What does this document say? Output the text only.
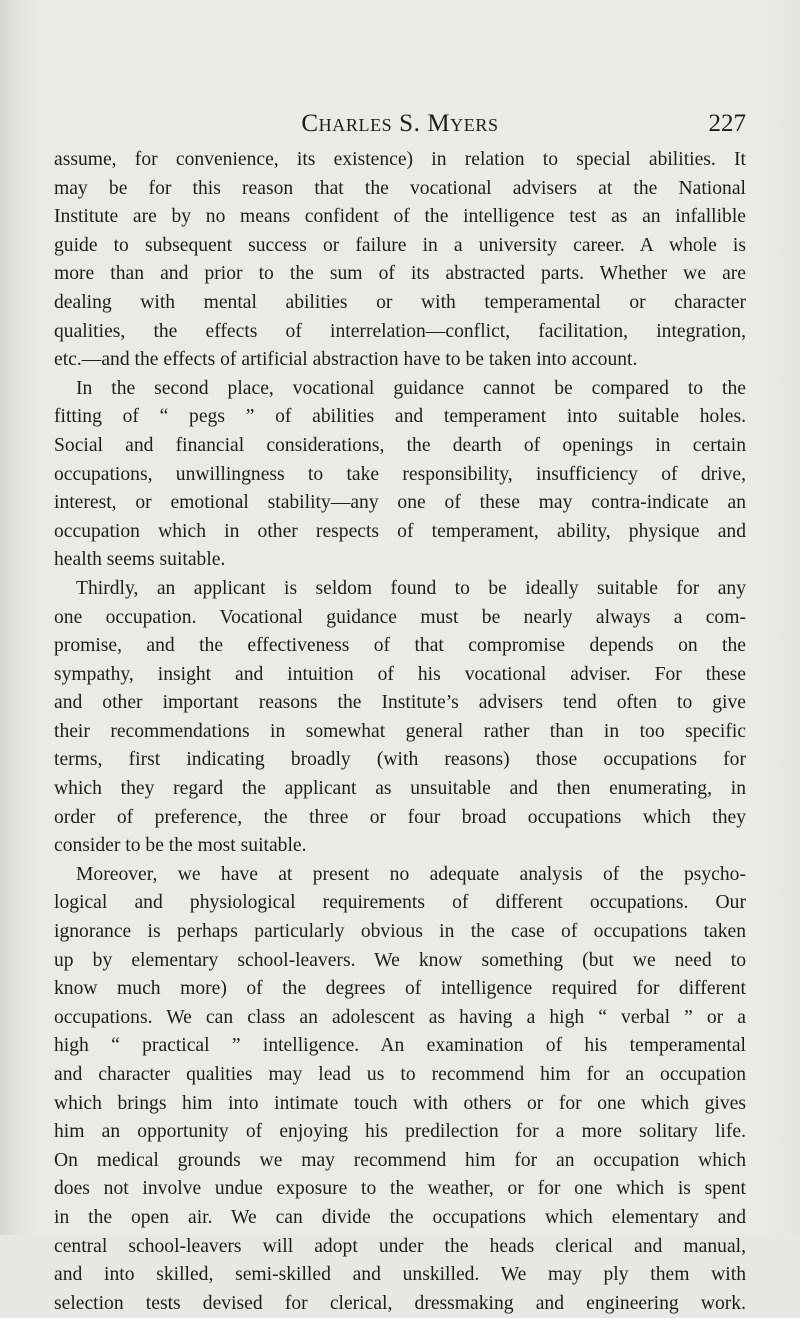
Charles S. Myers	227
assume, for convenience, its existence) in relation to special abilities. It
may be for this reason that the vocational advisers at the National
Institute are by no means confident of the intelligence test as an infallible
guide to subsequent success or failure in a university career. A whole is
more than and prior to the sum of its abstracted parts. Whether we are
dealing with mental abilities or with temperamental or character
qualities, the effects of interrelation—conflict, facilitation, integration,
etc.—and the effects of artificial abstraction have to be taken into account.
In the second place, vocational guidance cannot be compared to the
fitting of “ pegs ” of abilities and temperament into suitable holes.
Social and financial considerations, the dearth of openings in certain
occupations, unwillingness to take responsibility, insufficiency of drive,
interest, or emotional stability—any one of these may contra-indicate an
occupation which in other respects of temperament, ability, physique and
health seems suitable.
Thirdly, an applicant is seldom found to be ideally suitable for any
one occupation. Vocational guidance must be nearly always a com-
promise, and the effectiveness of that compromise depends on the
sympathy, insight and intuition of his vocational adviser. For these
and other important reasons the Institute’s advisers tend often to give
their recommendations in somewhat general rather than in too specific
terms, first indicating broadly (with reasons) those occupations for
which they regard the applicant as unsuitable and then enumerating, in
order of preference, the three or four broad occupations which they
consider to be the most suitable.
Moreover, we have at present no adequate analysis of the psycho-
logical and physiological requirements of different occupations. Our
ignorance is perhaps particularly obvious in the case of occupations taken
up by elementary school-leavers. We know something (but we need to
know much more) of the degrees of intelligence required for different
occupations. We can class an adolescent as having a high “ verbal ” or a
high “ practical ” intelligence. An examination of his temperamental
and character qualities may lead us to recommend him for an occupation
which brings him into intimate touch with others or for one which gives
him an opportunity of enjoying his predilection for a more solitary life.
On medical grounds we may recommend him for an occupation which
does not involve undue exposure to the weather, or for one which is spent
in the open air. We can divide the occupations which elementary and
central school-leavers will adopt under the heads clerical and manual,
and into skilled, semi-skilled and unskilled. We may ply them with
selection tests devised for clerical, dressmaking and engineering work.
